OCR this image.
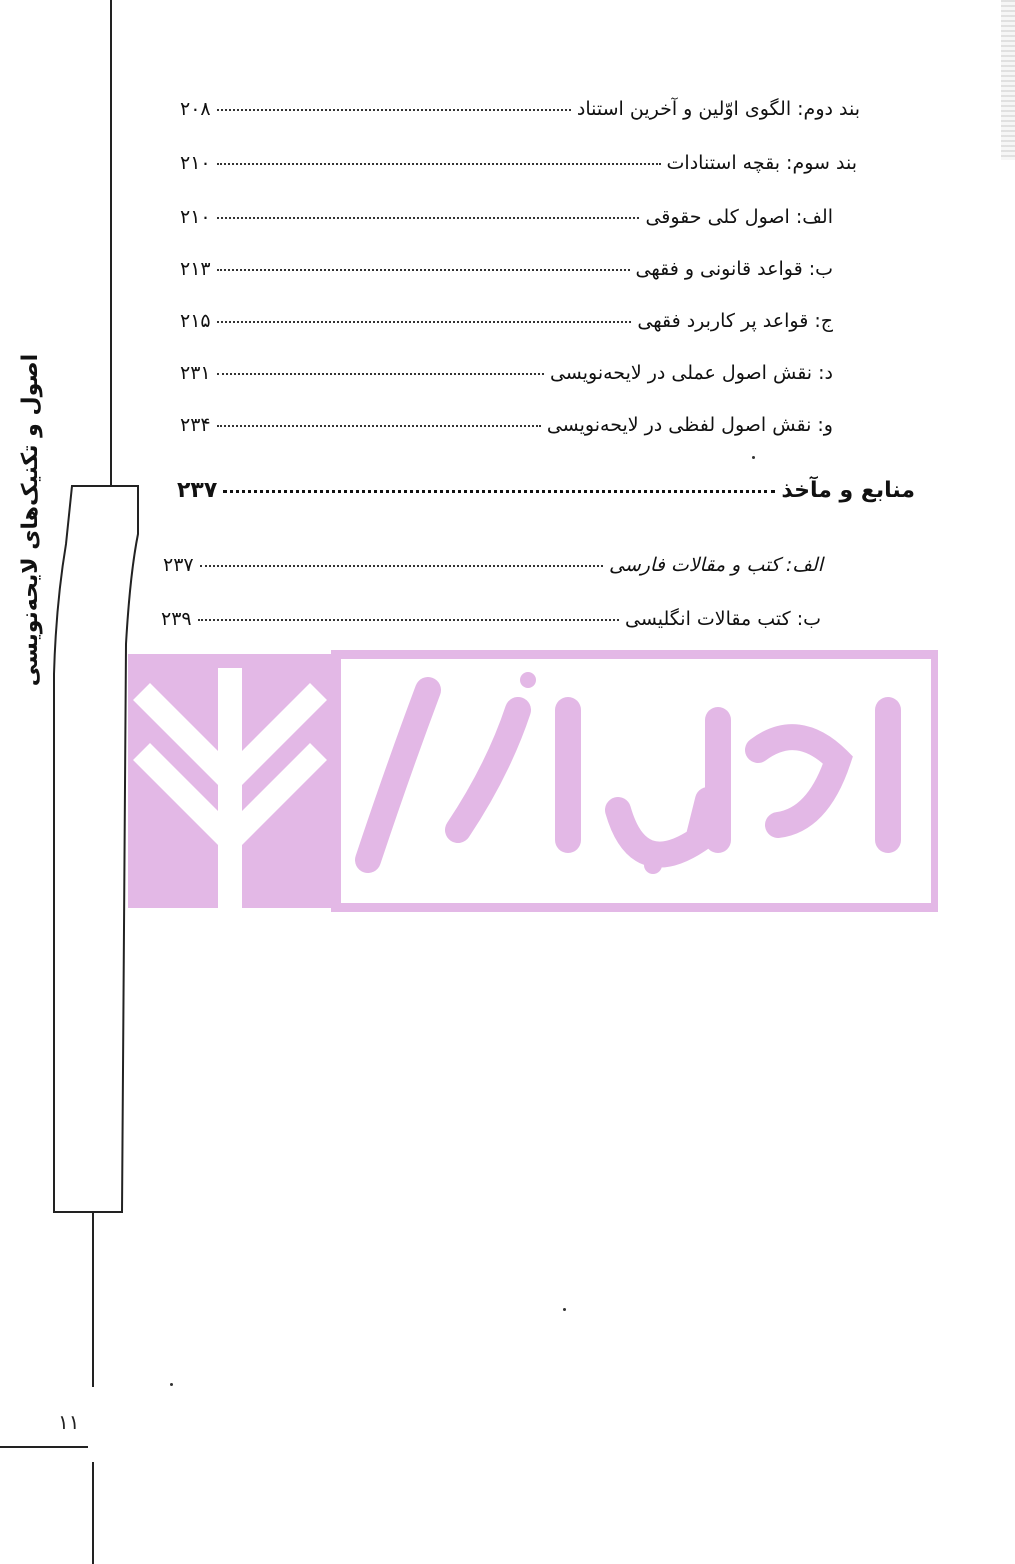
اصول و تکنیک‌های لایحه‌نویسی
بند دوم: الگوی اوّلین و آخرین استناد
۲۰۸
بند سوم: بقچه استنادات
۲۱۰
الف: اصول کلی حقوقی
۲۱۰
ب: قواعد قانونی و فقهی
۲۱۳
ج: قواعد پر کاربرد فقهی
۲۱۵
د: نقش اصول عملی در لایحه‌نویسی
۲۳۱
و: نقش اصول لفظی در لایحه‌نویسی
۲۳۴
منابع و مآخذ
۲۳۷
الف: کتب و مقالات فارسی
۲۳۷
ب: کتب مقالات انگلیسی
۲۳۹
۱۱
